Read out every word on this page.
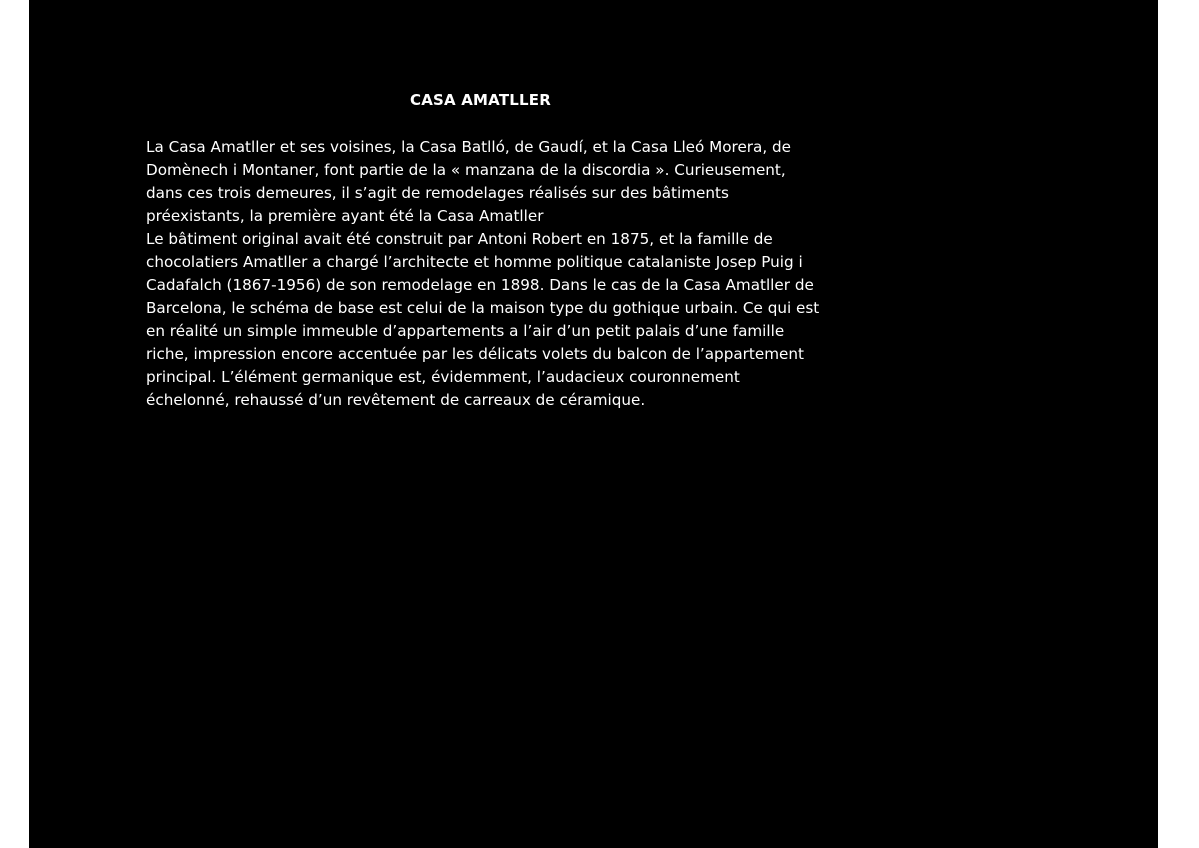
CASA AMATLLER

La Casa Amatller et ses voisines, la Casa Batlló, de Gaudí, et la Casa Lleó Morera, de Domènech i Montaner, font partie de la « manzana de la discordia ». Curieusement, dans ces trois demeures, il s’agit de remodelages réalisés sur des bâtiments préexistants, la première ayant été la Casa Amatller

Le bâtiment original avait été construit par Antoni Robert en 1875, et la famille de chocolatiers Amatller a chargé l’architecte et homme politique catalaniste Josep Puig i Cadafalch (1867-1956) de son remodelage en 1898. Dans le cas de la Casa Amatller de Barcelona, le schéma de base est celui de la maison type du gothique urbain. Ce qui est en réalité un simple immeuble d’appartements a l’air d’un petit palais d’une famille riche, impression encore accentuée par les délicats volets du balcon de l’appartement principal. L’élément germanique est, évidemment, l’audacieux couronnement échelonné, rehaussé d’un revêtement de carreaux de céramique.
